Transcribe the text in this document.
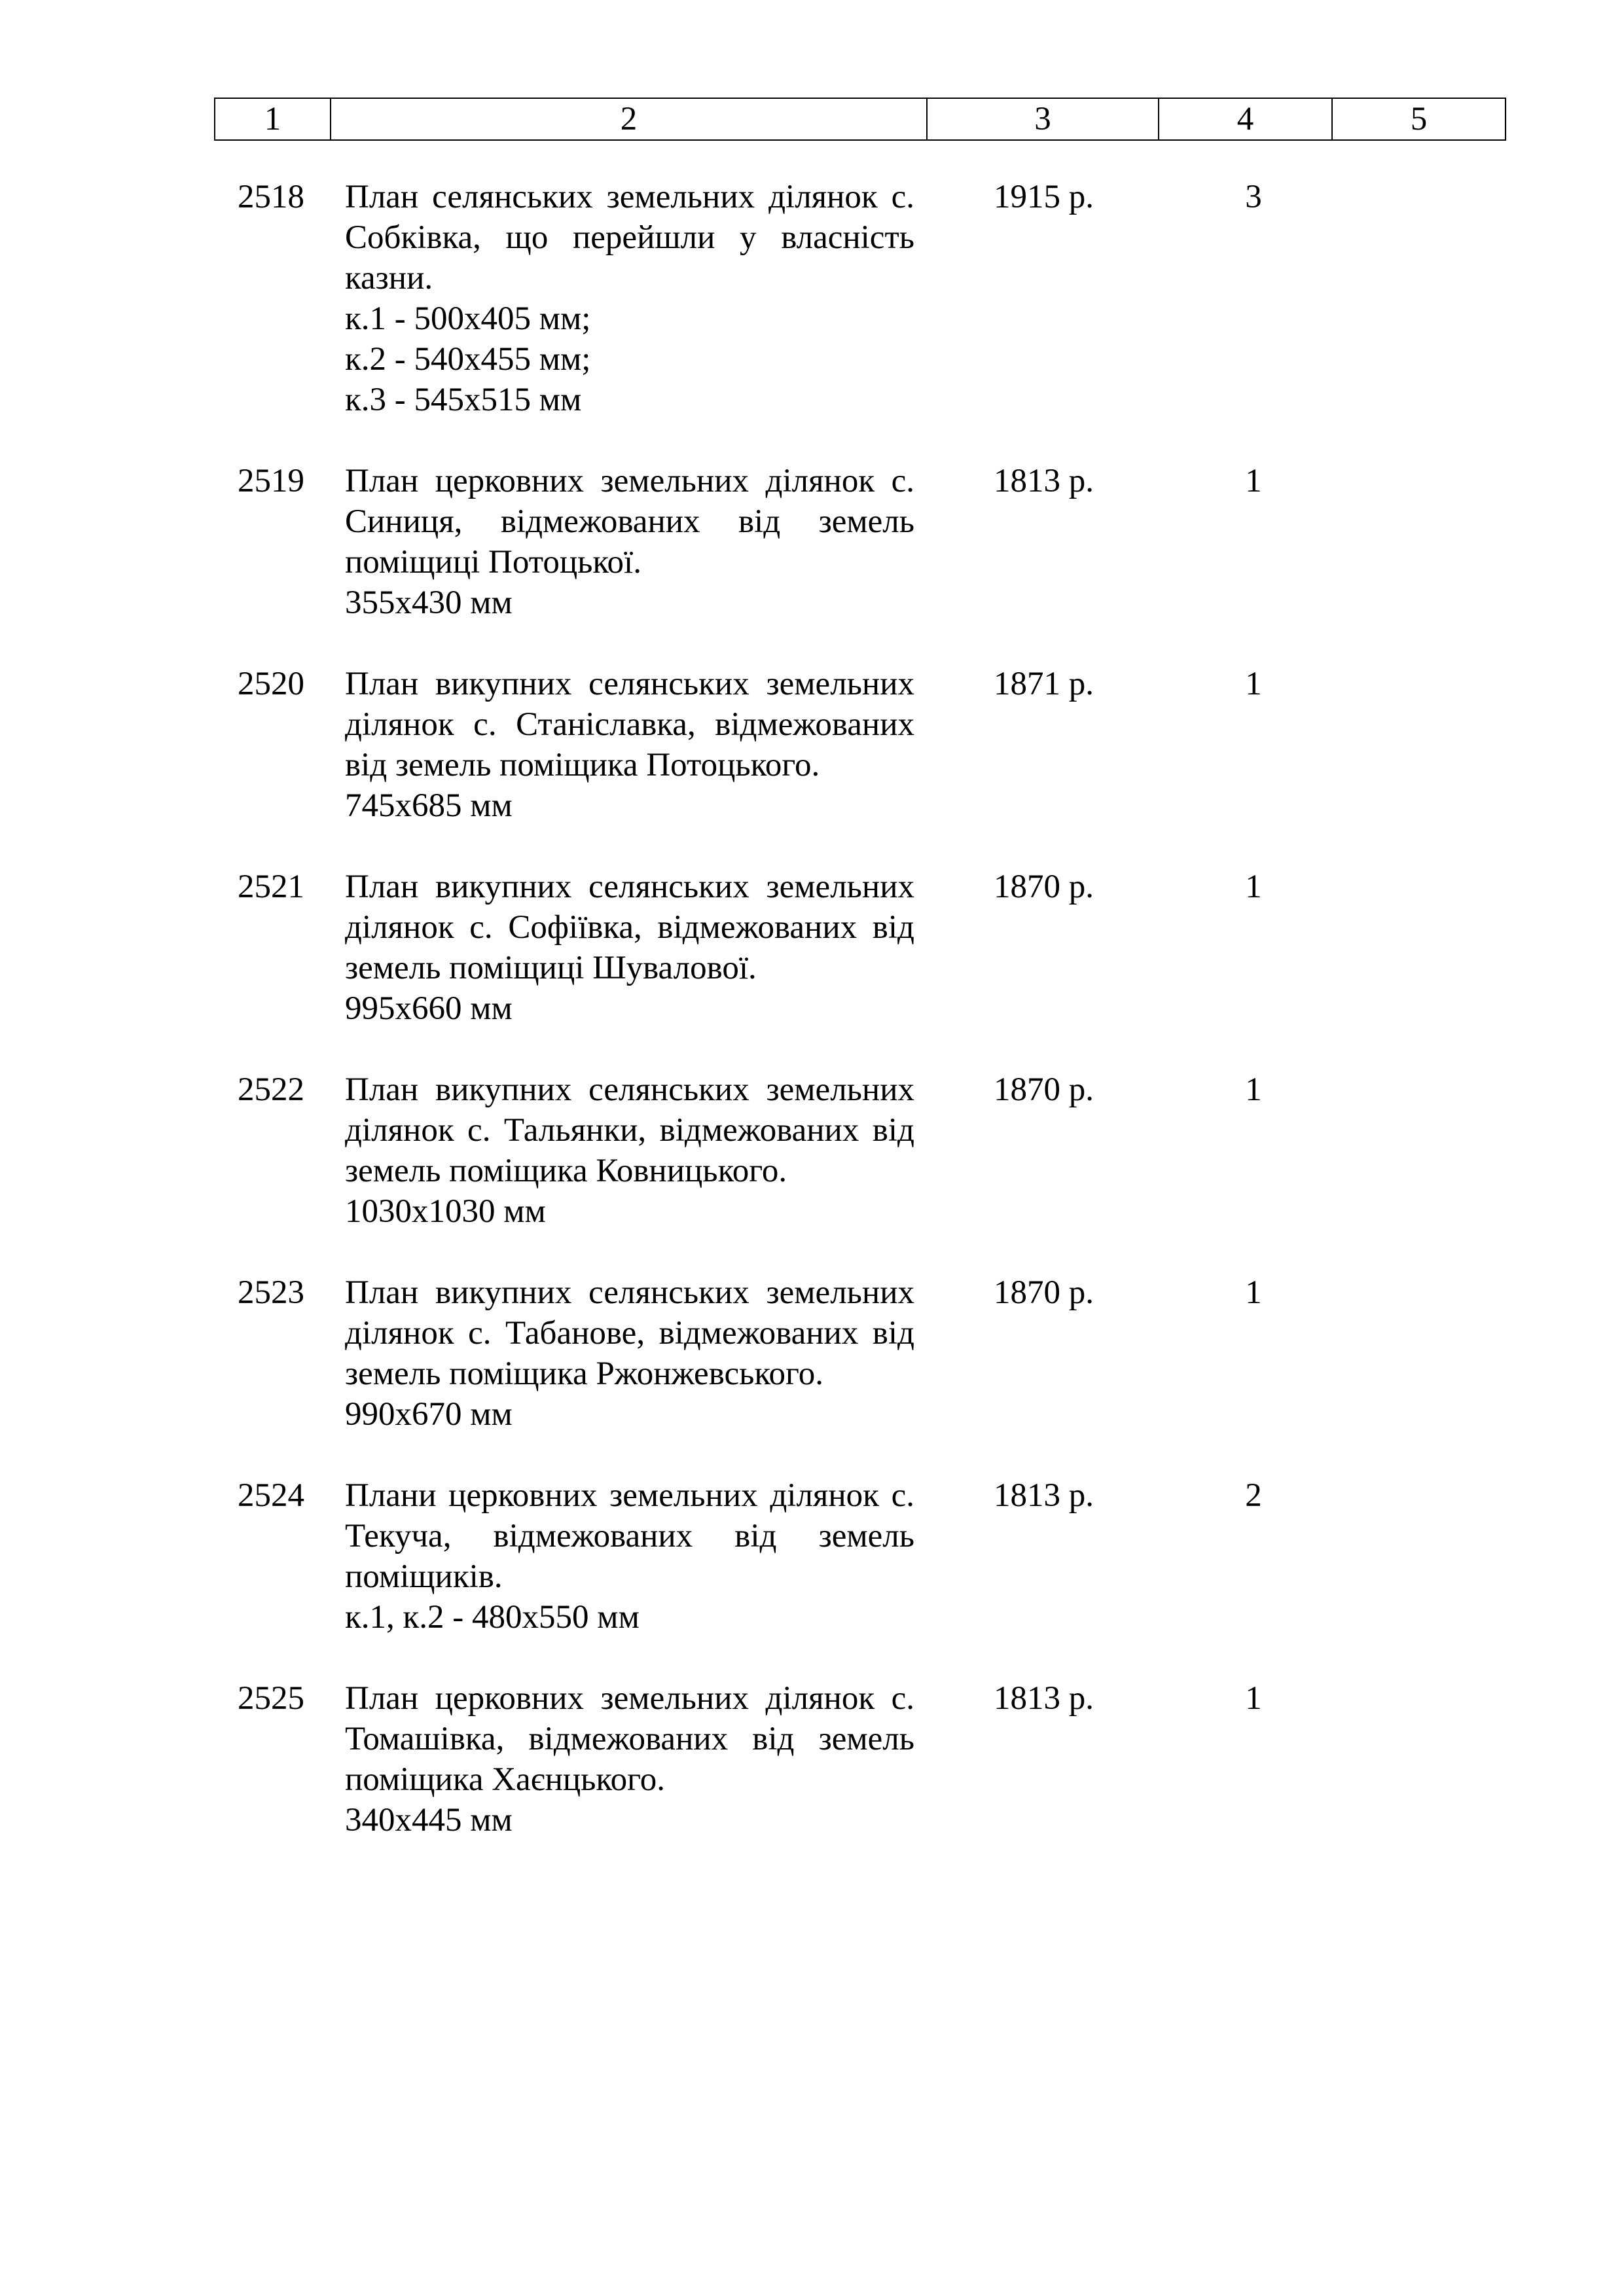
1	2	3	4	5
2518 План селянських земельних ділянок с. Собківка, що перейшли у власність казни.
к.1 - 500х405 мм;
к.2 - 540х455 мм;
к.3 - 545х515 мм
1915 р.	3
2519 План церковних земельних ділянок с. Синиця, відмежованих від земель поміщиці Потоцької.
355х430 мм
1813 р.	1
2520 План викупних селянських земельних ділянок с. Станіславка, відмежованих від земель поміщика Потоцького.
745х685 мм
1871 р.	1
2521 План викупних селянських земельних ділянок с. Софіївка, відмежованих від земель поміщиці Шувалової.
995х660 мм
1870 р.	1
2522 План викупних селянських земельних ділянок с. Тальянки, відмежованих від земель поміщика Ковницького.
1030х1030 мм
1870 р.	1
2523 План викупних селянських земельних ділянок с. Табанове, відмежованих від земель поміщика Ржонжевського.
990х670 мм
1870 р.	1
2524 Плани церковних земельних ділянок с. Текуча, відмежованих від земель поміщиків.
к.1, к.2 - 480х550 мм
1813 р.	2
2525 План церковних земельних ділянок с. Томашівка, відмежованих від земель поміщика Хаєнцького.
340х445 мм
1813 р.	1
